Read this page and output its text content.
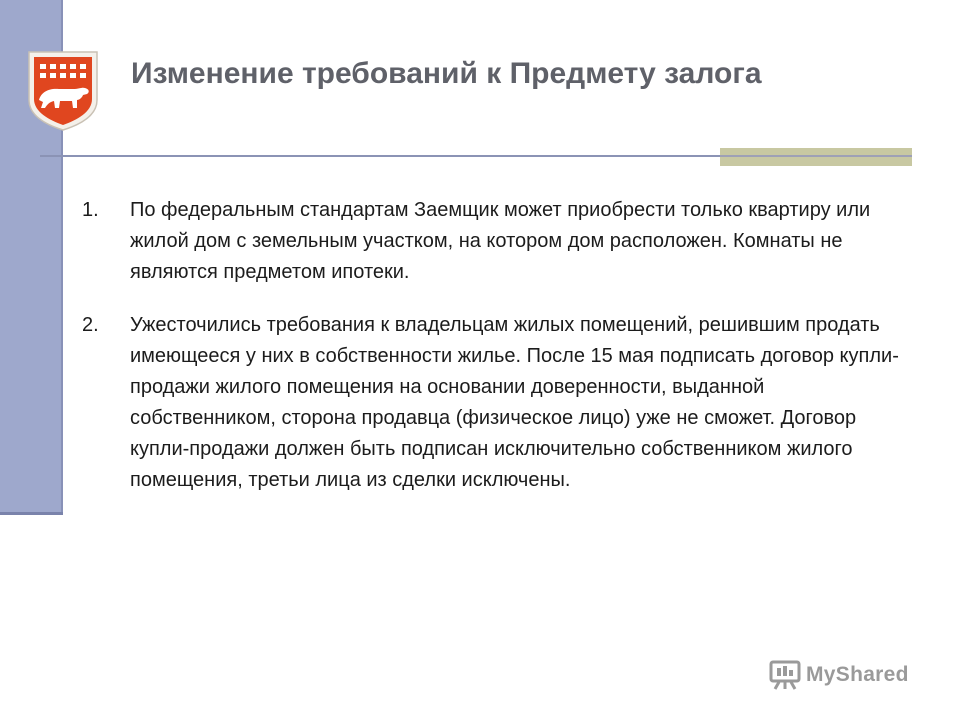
Изменение требований к Предмету залога
1. По федеральным стандартам Заемщик может приобрести только квартиру или жилой дом с земельным участком, на котором дом расположен. Комнаты не являются предметом ипотеки.
2. Ужесточились требования к владельцам жилых помещений, решившим продать имеющееся у них в собственности жилье. После 15 мая подписать договор купли-продажи жилого помещения на основании доверенности, выданной собственником, сторона продавца (физическое лицо) уже не сможет. Договор купли-продажи должен быть подписан исключительно собственником жилого помещения, третьи лица из сделки исключены.
MyShared
